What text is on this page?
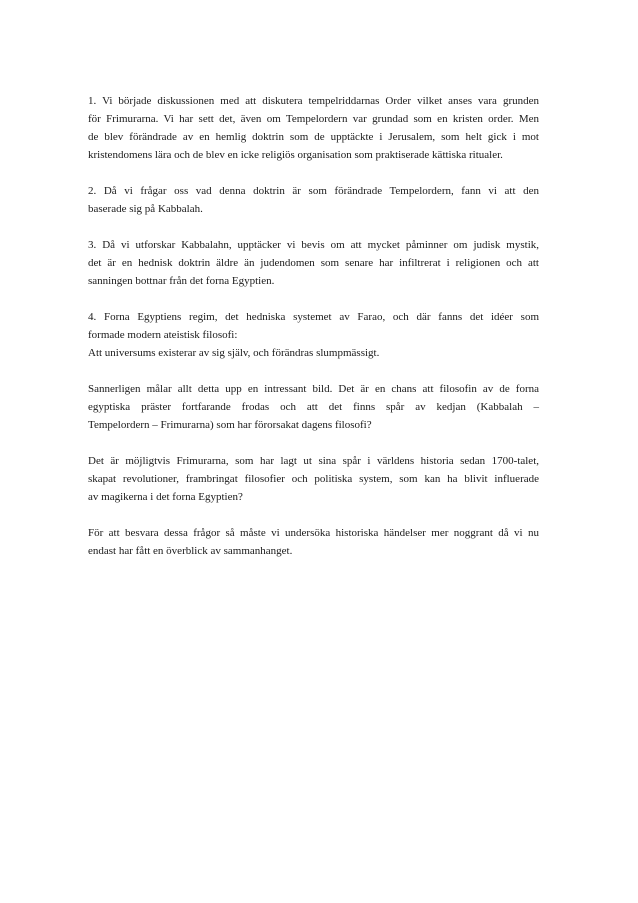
1. Vi började diskussionen med att diskutera tempelriddarnas Order vilket anses vara grunden
för Frimurarna. Vi har sett det, även om Tempelordern var grundad som en kristen order. Men
de blev förändrade av en hemlig doktrin som de upptäckte i Jerusalem, som helt gick i mot
kristendomens lära och de blev en icke religiös organisation som praktiserade kättiska ritualer.

2. Då vi frågar oss vad denna doktrin är som förändrade Tempelordern, fann vi att den
baserade sig på Kabbalah.

3. Då vi utforskar Kabbalahn, upptäcker vi bevis om att mycket påminner om judisk mystik,
det är en hednisk doktrin äldre än judendomen som senare har infiltrerat i religionen och att
sanningen bottnar från det forna Egyptien.

4. Forna Egyptiens regim, det hedniska systemet av Farao, och där fanns det idéer som
formade modern ateistisk filosofi:
Att universums existerar av sig själv, och förändras slumpmässigt.

Sannerligen målar allt detta upp en intressant bild. Det är en chans att filosofin av de forna
egyptiska präster fortfarande frodas och att det finns spår av kedjan (Kabbalah –
Tempelordern – Frimurarna) som har förorsakat dagens filosofi?

Det är möjligtvis Frimurarna, som har lagt ut sina spår i världens historia sedan 1700-talet,
skapat revolutioner, frambringat filosofier och politiska system, som kan ha blivit influerade
av magikerna i det forna Egyptien?

För att besvara dessa frågor så måste vi undersöka historiska händelser mer noggrant då vi nu
endast har fått en överblick av sammanhanget.
